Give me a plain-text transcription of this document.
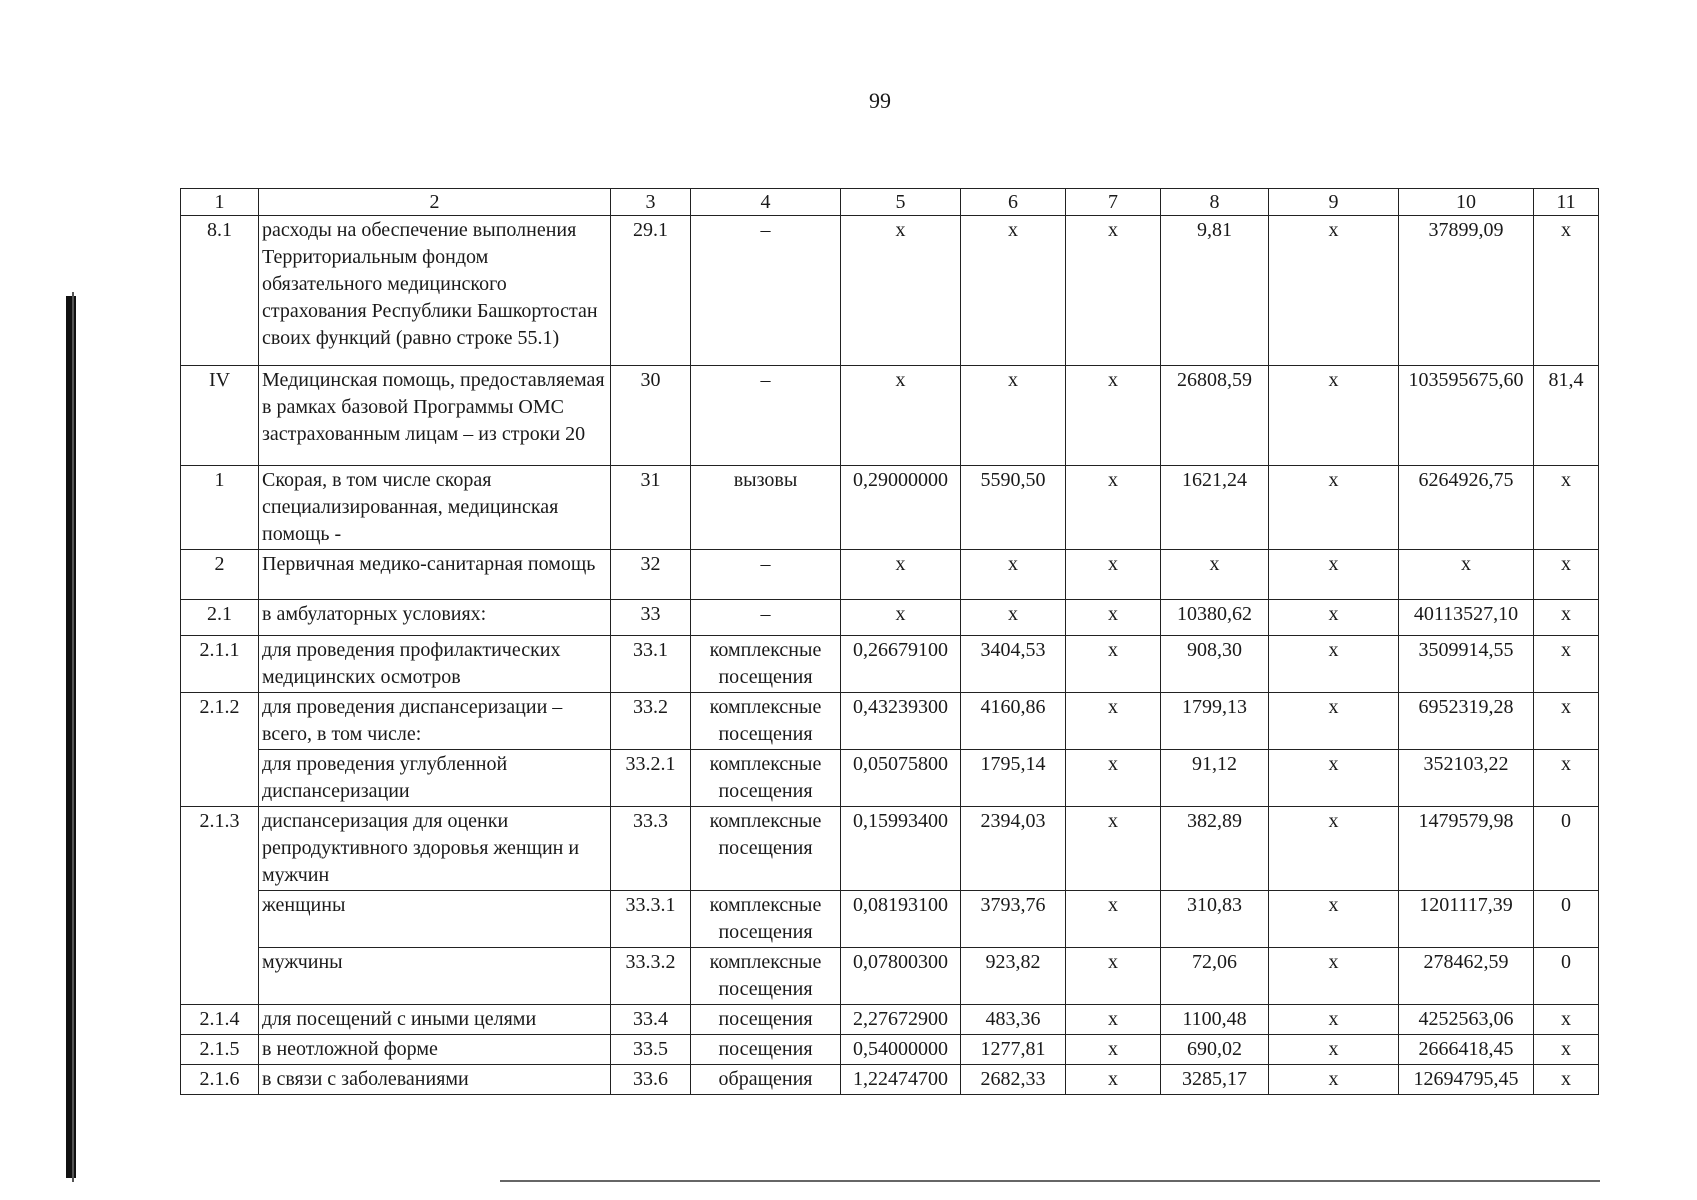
99
1	2	3	4	5	6	7	8	9	10	11
8.1	расходы на обеспечение выполнения Территориальным фондом обязательного медицинского страхования Республики Башкортостан своих функций (равно строке 55.1)	29.1	–	x	x	x	9,81	x	37899,09	x
IV	Медицинская помощь, предоставляемая в рамках базовой Программы ОМС застрахованным лицам – из строки 20	30	–	x	x	x	26808,59	x	103595675,60	81,4
1	Скорая, в том числе скорая специализированная, медицинская помощь -	31	вызовы	0,29000000	5590,50	x	1621,24	x	6264926,75	x
2	Первичная медико-санитарная помощь	32	–	x	x	x	x	x	x	x
2.1	в амбулаторных условиях:	33	–	x	x	x	10380,62	x	40113527,10	x
2.1.1	для проведения профилактических медицинских осмотров	33.1	комплексные посещения	0,26679100	3404,53	x	908,30	x	3509914,55	x
2.1.2	для проведения диспансеризации – всего, в том числе:	33.2	комплексные посещения	0,43239300	4160,86	x	1799,13	x	6952319,28	x
	для проведения углубленной диспансеризации	33.2.1	комплексные посещения	0,05075800	1795,14	x	91,12	x	352103,22	x
2.1.3	диспансеризация для оценки репродуктивного здоровья женщин и мужчин	33.3	комплексные посещения	0,15993400	2394,03	x	382,89	x	1479579,98	0
	женщины	33.3.1	комплексные посещения	0,08193100	3793,76	x	310,83	x	1201117,39	0
	мужчины	33.3.2	комплексные посещения	0,07800300	923,82	x	72,06	x	278462,59	0
2.1.4	для посещений с иными целями	33.4	посещения	2,27672900	483,36	x	1100,48	x	4252563,06	x
2.1.5	в неотложной форме	33.5	посещения	0,54000000	1277,81	x	690,02	x	2666418,45	x
2.1.6	в связи с заболеваниями	33.6	обращения	1,22474700	2682,33	x	3285,17	x	12694795,45	x
